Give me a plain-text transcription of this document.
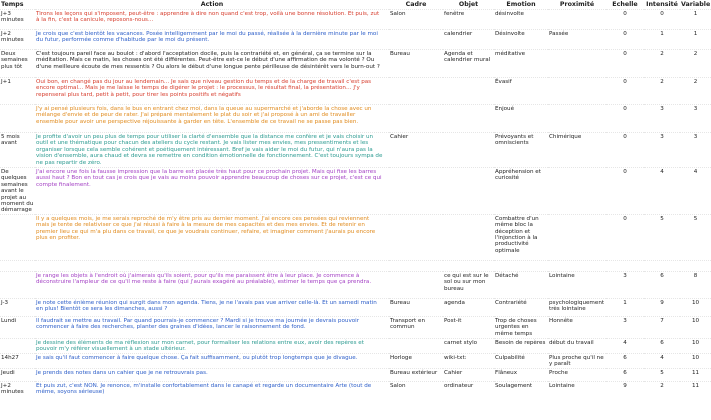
Temps	Action	Cadre	Objet	Emotion	Proximité	Echelle	Intensité	Variable
J+3 minutes	Tirons les leçons qui s'imposent, peut-être : apprendre à dire non quand c'est trop, voilà une bonne résolution. Et puis, zut à la fin, c'est la canicule, reposons-nous…	Salon	fenêtre	désinvolte		0	0	1
J+2 minutes	Je crois que c'est bientôt les vacances. Posée intelligemment par le moi du passé, réalisée à la dernière minute par le moi du futur, performée comme d'habitude par le moi du présent.		calendrier	Désinvolte	Passée	0	1	1
Deux semaines plus tôt	C'est toujours pareil face au boulot : d'abord l'acceptation docile, puis la contrariété et, en général, ça se termine sur la méditation. Mais ce matin, les choses ont été différentes. Peut-être est-ce le début d'une affirmation de ma volonté ? Ou d'une meilleure écoute de mes ressentis ? Ou alors le début d'une longue pente périlleuse de désintérêt vers le burn-out ?	Bureau	Agenda et calendrier mural	méditative		0	2	2
J+1	Oui bon, en changé pas du jour au lendemain... Je sais que niveau gestion du temps et de la charge de travail c'est pas encore optimal... Mais je me laisse le temps de digérer le projet : le processus, le résultat final, la présentation… J'y repenserai plus tard, petit à petit, pour tirer les points positifs et négatifs			Évasif		0	2	2
	J'y ai pensé plusieurs fois, dans le bus en entrant chez moi, dans la queue au supermarché et j'aborde la chose avec un mélange d'envie et de peur de rater. J'ai préparé mentalement le plat du soir et j'ai proposé à un ami de travailler ensemble pour avoir une perspective réjouissante à garder en tête. L'ensemble de ce travail ne se passe pas bien.			Enjoué		0	3	3
5 mois avant	Je profite d'avoir un peu plus de temps pour utiliser la clarté d'ensemble que la distance me confère et je vais choisir un outil et une thématique pour chacun des ateliers du cycle restant. Je vais lister mes envies, mes pressentiments et les organiser lorsque cela semble cohérent et poétiquement intéressant. Bref je vais aider le moi du futur, qui n'aura pas la vision d'ensemble, aura chaud et devra se remettre en condition émotionnelle de fonctionnement. C'est toujours sympa de ne pas repartir de zéro.	Cahier		Prévoyants et omniscients	Chimérique	0	3	3
De quelques semaines avant le projet au moment du démarrage	J'ai encore une fois la fausse impression que la barre est placée très haut pour ce prochain projet. Mais qui fixe les barres aussi haut ? Bon en tout cas je crois que je vais au moins pouvoir apprendre beaucoup de choses sur ce projet, c'est ce qui compte finalement.			Appréhension et curiosité		0	4	4
	Il y a quelques mois, je me serais reproché de m'y être pris au dernier moment. J'ai encore ces pensées qui reviennent mais je tente de relativiser ce que j'ai réussi à faire à la mesure de mes capacités et des mes envies. Et de retenir en premier lieu ce qui m'a plu dans ce travail, ce que je voudrais continuer, refaire, et imaginer comment j'aurais pu encore plus en profiter.			Combattre d'un même bloc la déception et l'injonction à la productivité optimale		0	5	5

	Je range les objets à l'endroit où j'aimerais qu'ils soient, pour qu'ils me paraissent être à leur place. Je commence à déconstruire l'ampleur de ce qu'il me reste à faire (qui j'aurais exagéré au préalable), estimer le temps que ça prendra.		ce qui est sur le sol ou sur mon bureau	Détaché	Lointaine	3	6	8
J-3	Je note cette énième réunion qui surgit dans mon agenda. Tiens, je ne l'avais pas vue arriver celle-là. Et un samedi matin en plus! Bientôt ce sera les dimanches, aussi ?	Bureau	agenda	Contrariété	psychologiquement très lointaine	1	9	10
Lundi	Il faudrait se mettre au travail. Par quand pourrais-je commencer ? Mardi si je trouve ma journée je devrais pouvoir commencer à faire des recherches, planter des graines d'idées, lancer le raisonnement de fond.	Transport en commun	Post-it	Trop de choses urgentes en même temps	Honnête	3	7	10
	Je dessine des éléments de ma réflexion sur mon carnet, pour formaliser les relations entre eux, avoir des repères et pouvoir m'y référer visuellement à un stade ultérieur.		carnet stylo	Besoin de repères	début du travail	4	6	10
14h27	Je sais qu'il faut commencer à faire quelque chose. Ça fait suffisamment, ou plutôt trop longtemps que je divague.	Horloge	wiki-txt:	Culpabilité	Plus proche qu'il ne y paraît	6	4	10
Jeudi	Je prends des notes dans un cahier que je ne retrouvrais pas.	Bureau extérieur	Cahier	Flâneux	Proche	6	5	11
J+2 minutes	Et puis zut, c'est NON. Je renonce, m'installe confortablement dans le canapé et regarde un documentaire Arte (tout de même, soyons sérieuse)	Salon	ordinateur	Soulagement	Lointaine	9	2	11
